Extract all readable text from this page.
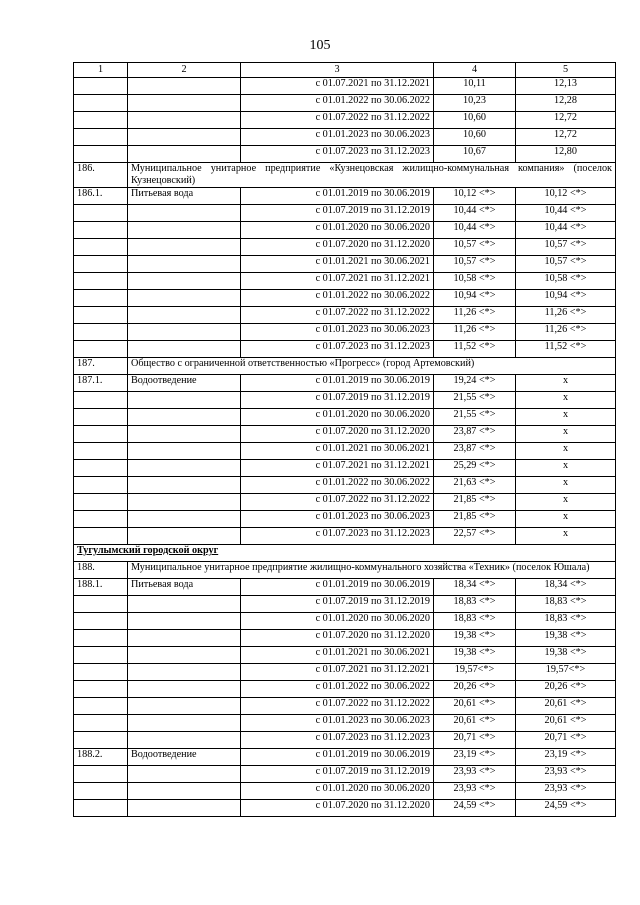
105
1	2	3	4	5
		с 01.07.2021 по 31.12.2021	10,11	12,13
		с 01.01.2022 по 30.06.2022	10,23	12,28
		с 01.07.2022 по 31.12.2022	10,60	12,72
		с 01.01.2023 по 30.06.2023	10,60	12,72
		с 01.07.2023 по 31.12.2023	10,67	12,80
186.	Муниципальное унитарное предприятие «Кузнецовская жилищно-коммунальная компания» (поселок Кузнецовский)			
186.1.	Питьевая вода	с 01.01.2019 по 30.06.2019	10,12 <*>	10,12 <*>
		с 01.07.2019 по 31.12.2019	10,44 <*>	10,44 <*>
		с 01.01.2020 по 30.06.2020	10,44 <*>	10,44 <*>
		с 01.07.2020 по 31.12.2020	10,57 <*>	10,57 <*>
		с 01.01.2021 по 30.06.2021	10,57 <*>	10,57 <*>
		с 01.07.2021 по 31.12.2021	10,58 <*>	10,58 <*>
		с 01.01.2022 по 30.06.2022	10,94 <*>	10,94 <*>
		с 01.07.2022 по 31.12.2022	11,26 <*>	11,26 <*>
		с 01.01.2023 по 30.06.2023	11,26 <*>	11,26 <*>
		с 01.07.2023 по 31.12.2023	11,52 <*>	11,52 <*>
187.	Общество с ограниченной ответственностью «Прогресс» (город Артемовский)			
187.1.	Водоотведение	с 01.01.2019 по 30.06.2019	19,24 <*>	х
		с 01.07.2019 по 31.12.2019	21,55 <*>	х
		с 01.01.2020 по 30.06.2020	21,55 <*>	х
		с 01.07.2020 по 31.12.2020	23,87 <*>	х
		с 01.01.2021 по 30.06.2021	23,87 <*>	х
		с 01.07.2021 по 31.12.2021	25,29 <*>	х
		с 01.01.2022 по 30.06.2022	21,63 <*>	х
		с 01.07.2022 по 31.12.2022	21,85 <*>	х
		с 01.01.2023 по 30.06.2023	21,85 <*>	х
		с 01.07.2023 по 31.12.2023	22,57 <*>	х
Тугулымский городской округ				
188.	Муниципальное унитарное предприятие жилищно-коммунального хозяйства «Техник» (поселок Юшала)			
188.1.	Питьевая вода	с 01.01.2019 по 30.06.2019	18,34 <*>	18,34 <*>
		с 01.07.2019 по 31.12.2019	18,83 <*>	18,83 <*>
		с 01.01.2020 по 30.06.2020	18,83 <*>	18,83 <*>
		с 01.07.2020 по 31.12.2020	19,38 <*>	19,38 <*>
		с 01.01.2021 по 30.06.2021	19,38 <*>	19,38 <*>
		с 01.07.2021 по 31.12.2021	19,57<*>	19,57<*>
		с 01.01.2022 по 30.06.2022	20,26 <*>	20,26 <*>
		с 01.07.2022 по 31.12.2022	20,61 <*>	20,61 <*>
		с 01.01.2023 по 30.06.2023	20,61 <*>	20,61 <*>
		с 01.07.2023 по 31.12.2023	20,71 <*>	20,71 <*>
188.2.	Водоотведение	с 01.01.2019 по 30.06.2019	23,19 <*>	23,19 <*>
		с 01.07.2019 по 31.12.2019	23,93 <*>	23,93 <*>
		с 01.01.2020 по 30.06.2020	23,93 <*>	23,93 <*>
		с 01.07.2020 по 31.12.2020	24,59 <*>	24,59 <*>
